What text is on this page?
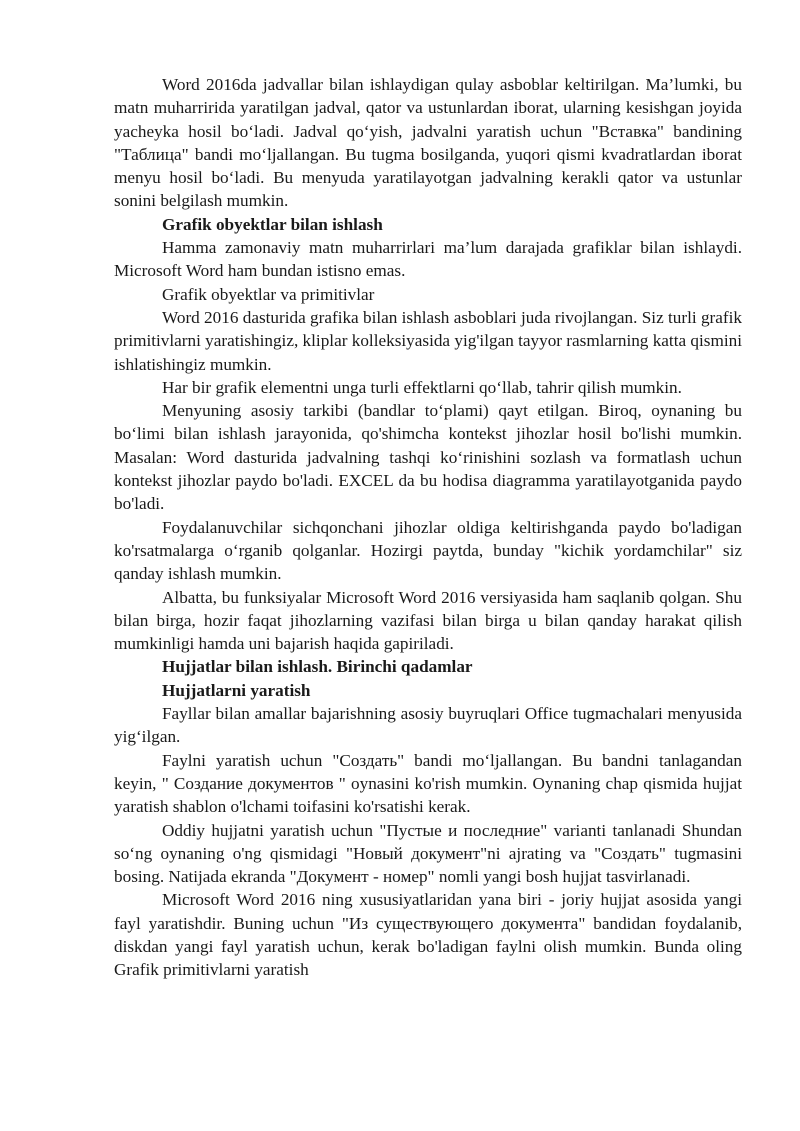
Word 2016da jadvallar bilan ishlaydigan qulay asboblar keltirilgan. Ma’lumki, bu matn muharririda yaratilgan jadval, qator va ustunlardan iborat, ularning kesishgan joyida yacheyka hosil bo‘ladi. Jadval qo‘yish, jadvalni yaratish uchun "Вставка" bandining "Таблица" bandi mo‘ljallangan. Bu tugma bosilganda, yuqori qismi kvadratlardan iborat menyu hosil bo‘ladi. Bu menyuda yaratilayotgan jadvalning kerakli qator va ustunlar sonini belgilash mumkin.

Grafik obyektlar bilan ishlash

Hamma zamonaviy matn muharrirlari ma’lum darajada grafiklar bilan ishlaydi. Microsoft Word ham bundan istisno emas.

Grafik obyektlar va primitivlar

Word 2016 dasturida grafika bilan ishlash asboblari juda rivojlangan. Siz turli grafik primitivlarni yaratishingiz, kliplar kolleksiyasida yig'ilgan tayyor rasmlarning katta qismini ishlatishingiz mumkin.

Har bir grafik elementni unga turli effektlarni qo‘llab, tahrir qilish mumkin.

Menyuning asosiy tarkibi (bandlar to‘plami) qayt etilgan. Biroq, oynaning bu bo‘limi bilan ishlash jarayonida, qo'shimcha kontekst jihozlar hosil bo'lishi mumkin. Masalan: Word dasturida jadvalning tashqi ko‘rinishini sozlash va formatlash uchun kontekst jihozlar paydo bo'ladi. EXCEL da bu hodisa diagramma yaratilayotganida paydo bo'ladi.

Foydalanuvchilar sichqonchani jihozlar oldiga keltirishganda paydo bo'ladigan ko'rsatmalarga o‘rganib qolganlar. Hozirgi paytda, bunday "kichik yordamchilar" siz qanday ishlash mumkin.

Albatta, bu funksiyalar Microsoft Word 2016 versiyasida ham saqlanib qolgan. Shu bilan birga, hozir faqat jihozlarning vazifasi bilan birga u bilan qanday harakat qilish mumkinligi hamda uni bajarish haqida gapiriladi.

Hujjatlar bilan ishlash. Birinchi qadamlar

Hujjatlarni yaratish

Fayllar bilan amallar bajarishning asosiy buyruqlari Office tugmachalari menyusida yig‘ilgan.

Faylni yaratish uchun "Создать" bandi mo‘ljallangan. Bu bandni tanlagandan keyin, " Создание документов " oynasini ko'rish mumkin. Oynaning chap qismida hujjat yaratish shablon o'lchami toifasini ko'rsatishi kerak.

Oddiy hujjatni yaratish uchun "Пустые и последние" varianti tanlanadi Shundan so‘ng oynaning o'ng qismidagi "Новый документ"ni ajrating va "Создать" tugmasini bosing. Natijada ekranda "Документ - номер" nomli yangi bosh hujjat tasvirlanadi.

Microsoft Word 2016 ning xususiyatlaridan yana biri - joriy hujjat asosida yangi fayl yaratishdir. Buning uchun "Из существующего документа" bandidan foydalanib, diskdan yangi fayl yaratish uchun, kerak bo'ladigan faylni olish mumkin. Bunda oling Grafik primitivlarni yaratish
